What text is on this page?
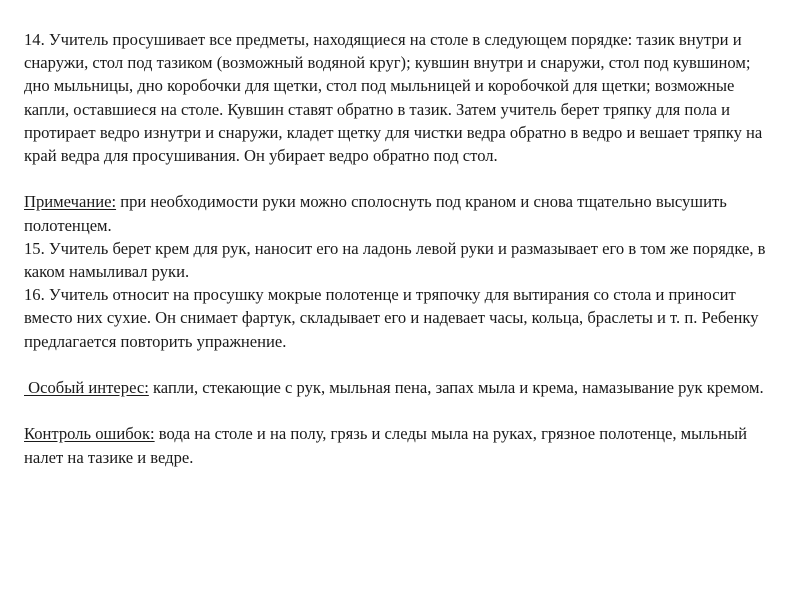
14. Учитель просушивает все предметы, находящиеся на столе в следующем порядке: тазик внутри и снаружи, стол под тазиком (возможный водяной круг); кувшин внутри и снаружи, стол под кувшином; дно мыльницы, дно коробочки для щетки, стол под мыльницей и коробочкой для щетки; возможные капли, оставшиеся на столе. Кувшин ставят обратно в тазик. Затем учитель берет тряпку для пола и протирает ведро изнутри и снаружи, кладет щетку для чистки ведра обратно в ведро и вешает тряпку на край ведра для просушивания. Он убирает ведро обратно под стол.

Примечание: при необходимости руки можно сполоснуть под краном и снова тщательно высушить полотенцем.

15. Учитель берет крем для рук, наносит его на ладонь левой руки и размазывает его в том же порядке, в каком намыливал руки.

16. Учитель относит на просушку мокрые полотенце и тряпочку для вытирания со стола и приносит вместо них сухие. Он снимает фартук, складывает его и надевает часы, кольца, браслеты и т. п. Ребенку предлагается повторить упражнение.

Особый интерес: капли, стекающие с рук, мыльная пена, запах мыла и крема, намазывание рук кремом.

Контроль ошибок: вода на столе и на полу, грязь и следы мыла на руках, грязное полотенце, мыльный налет на тазике и ведре.
